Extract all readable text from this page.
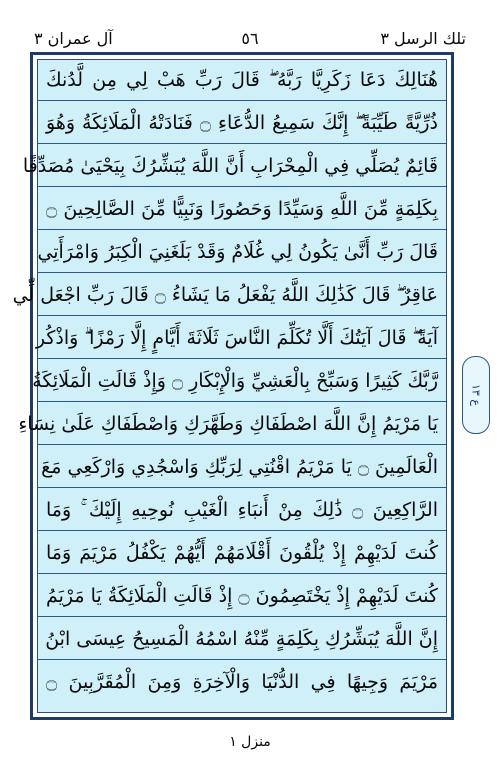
تلك الرسل ٣
٥٦
آل عمران ٣
هُنَالِكَ دَعَا زَكَرِيَّا رَبَّهُ ۖ قَالَ رَبِّ هَبْ لِي مِن لَّدُنكَ
ذُرِّيَّةً طَيِّبَةً ۖ إِنَّكَ سَمِيعُ الدُّعَاءِ ۝ فَنَادَتْهُ الْمَلَائِكَةُ وَهُوَ
قَائِمٌ يُصَلِّي فِي الْمِحْرَابِ أَنَّ اللَّهَ يُبَشِّرُكَ بِيَحْيَىٰ مُصَدِّقًا
بِكَلِمَةٍ مِّنَ اللَّهِ وَسَيِّدًا وَحَصُورًا وَنَبِيًّا مِّنَ الصَّالِحِينَ ۝
قَالَ رَبِّ أَنَّىٰ يَكُونُ لِي غُلَامٌ وَقَدْ بَلَغَنِيَ الْكِبَرُ وَامْرَأَتِي
عَاقِرٌ ۖ قَالَ كَذَٰلِكَ اللَّهُ يَفْعَلُ مَا يَشَاءُ ۝ قَالَ رَبِّ اجْعَل لِّي
آيَةً ۖ قَالَ آيَتُكَ أَلَّا تُكَلِّمَ النَّاسَ ثَلَاثَةَ أَيَّامٍ إِلَّا رَمْزًا ۗ وَاذْكُر
رَّبَّكَ كَثِيرًا وَسَبِّحْ بِالْعَشِيِّ وَالْإِبْكَارِ ۝ وَإِذْ قَالَتِ الْمَلَائِكَةُ
يَا مَرْيَمُ إِنَّ اللَّهَ اصْطَفَاكِ وَطَهَّرَكِ وَاصْطَفَاكِ عَلَىٰ نِسَاءِ
الْعَالَمِينَ ۝ يَا مَرْيَمُ اقْنُتِي لِرَبِّكِ وَاسْجُدِي وَارْكَعِي مَعَ
الرَّاكِعِينَ ۝ ذَٰلِكَ مِنْ أَنبَاءِ الْغَيْبِ نُوحِيهِ إِلَيْكَ ۚ وَمَا
كُنتَ لَدَيْهِمْ إِذْ يُلْقُونَ أَقْلَامَهُمْ أَيُّهُمْ يَكْفُلُ مَرْيَمَ وَمَا
كُنتَ لَدَيْهِمْ إِذْ يَخْتَصِمُونَ ۝ إِذْ قَالَتِ الْمَلَائِكَةُ يَا مَرْيَمُ
إِنَّ اللَّهَ يُبَشِّرُكِ بِكَلِمَةٍ مِّنْهُ اسْمُهُ الْمَسِيحُ عِيسَى ابْنُ
مَرْيَمَ وَجِيهًا فِي الدُّنْيَا وَالْآخِرَةِ وَمِنَ الْمُقَرَّبِينَ ۝
ع ١٣
منزل ١
